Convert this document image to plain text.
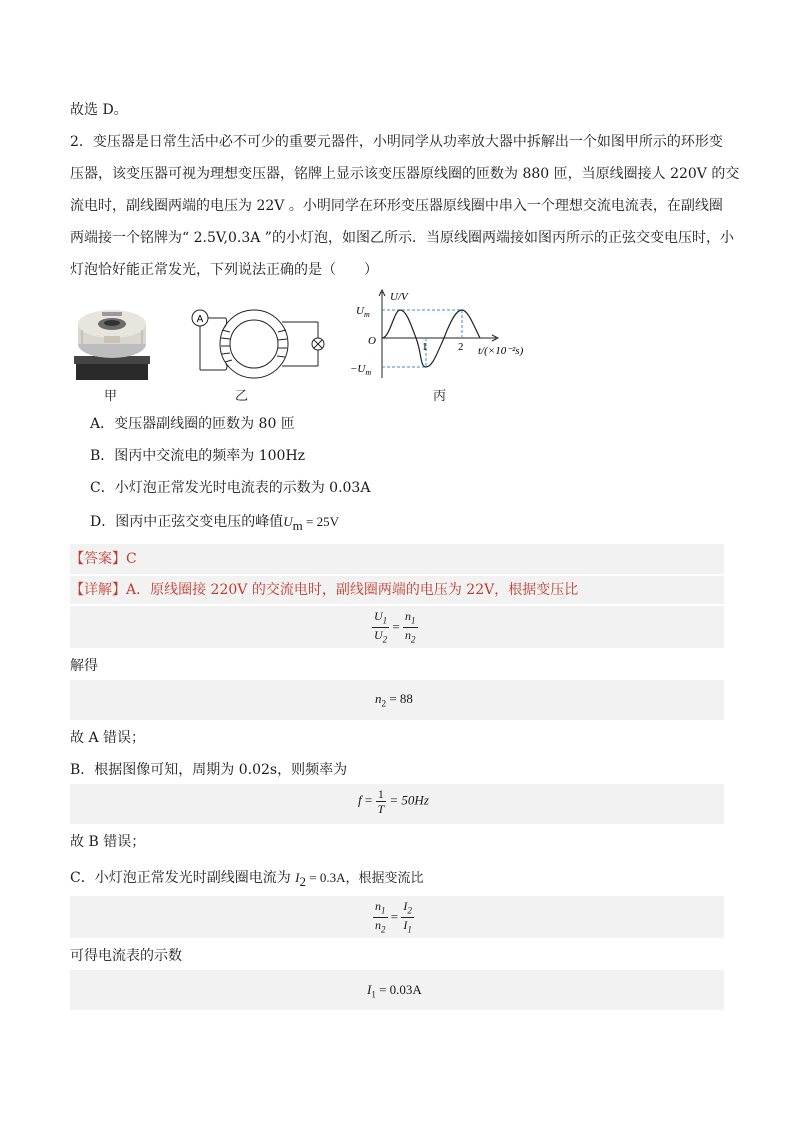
故选 D。
2．变压器是日常生活中必不可少的重要元器件，小明同学从功率放大器中拆解出一个如图甲所示的环形变
压器，该变压器可视为理想变压器，铭牌上显示该变压器原线圈的匝数为 880 匝，当原线圈接人 220V 的交
流电时，副线圈两端的电压为 22V 。小明同学在环形变压器原线圈中串入一个理想交流电流表，在副线圈
两端接一个铭牌为“ 2.5V,0.3A ”的小灯泡，如图乙所示．当原线圈两端接如图丙所示的正弦交变电压时，小
灯泡恰好能正常发光，下列说法正确的是（　　）
甲
A
乙
U/V
$U_m$
O
$-U_m$
1	2 t/(×10⁻²s)
丙
A．变压器副线圈的匝数为 80 匝
B．图丙中交流电的频率为 100Hz
C．小灯泡正常发光时电流表的示数为 0.03A
D．图丙中正弦交变电压的峰值$U_m = 25V$
【答案】C
【详解】A．原线圈接 220V 的交流电时，副线圈两端的电压为 22V，根据变压比
$\frac{U_1}{U_2} = \frac{n_1}{n_2}$
解得
$n_2 = 88$
故 A 错误；
B．根据图像可知，周期为 0.02s，则频率为
$f = \frac{1}{T} = 50Hz$
故 B 错误；
C．小灯泡正常发光时副线圈电流为 $I_2 = 0.3A$，根据变流比
$\frac{n_1}{n_2} = \frac{I_2}{I_1}$
可得电流表的示数
$I_1 = 0.03A$
